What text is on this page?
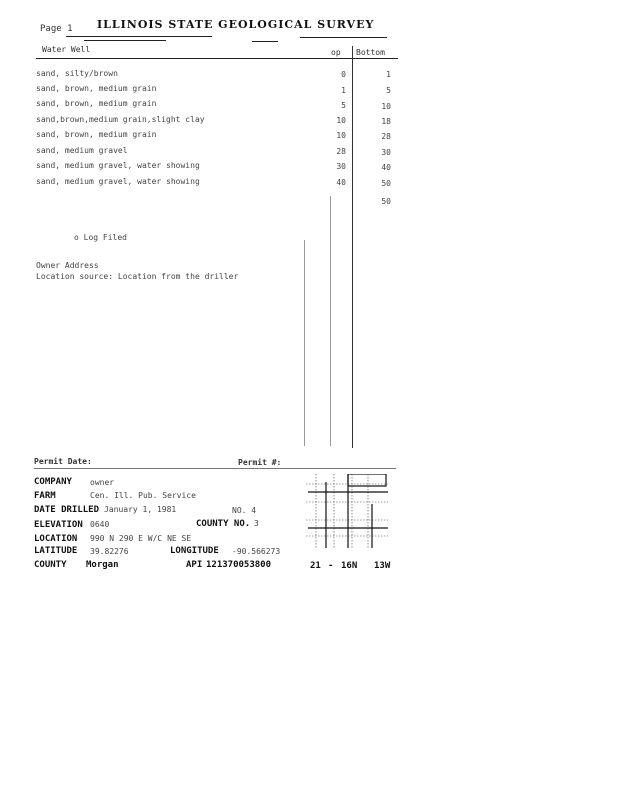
Page 1 ILLINOIS STATE GEOLOGICAL SURVEY
Water Well	op Bottom
sand, silty/brown	0	1
sand, brown, medium grain	1	5
sand, brown, medium grain	5	10
sand,brown,medium grain,slight clay	10	18
sand, brown, medium grain	10	28
sand, medium gravel	28	30
sand, medium gravel, water showing	30	40
sand, medium gravel, water showing	40	50
50
o Log Filed
Owner Address
Location source: Location from the driller
Permit Date:	Permit #:
COMPANY owner
FARM	Cen. Ill. Pub. Service
DATE DRILLED January 1, 1981	NO. 4
ELEVATION 0640	COUNTY NO. 3
LOCATION 990 N 290 E W/C NE SE
LATITUDE 39.82276	LONGITUDE -90.566273
COUNTY Morgan	API 121370053800	21 - 16N 13W
